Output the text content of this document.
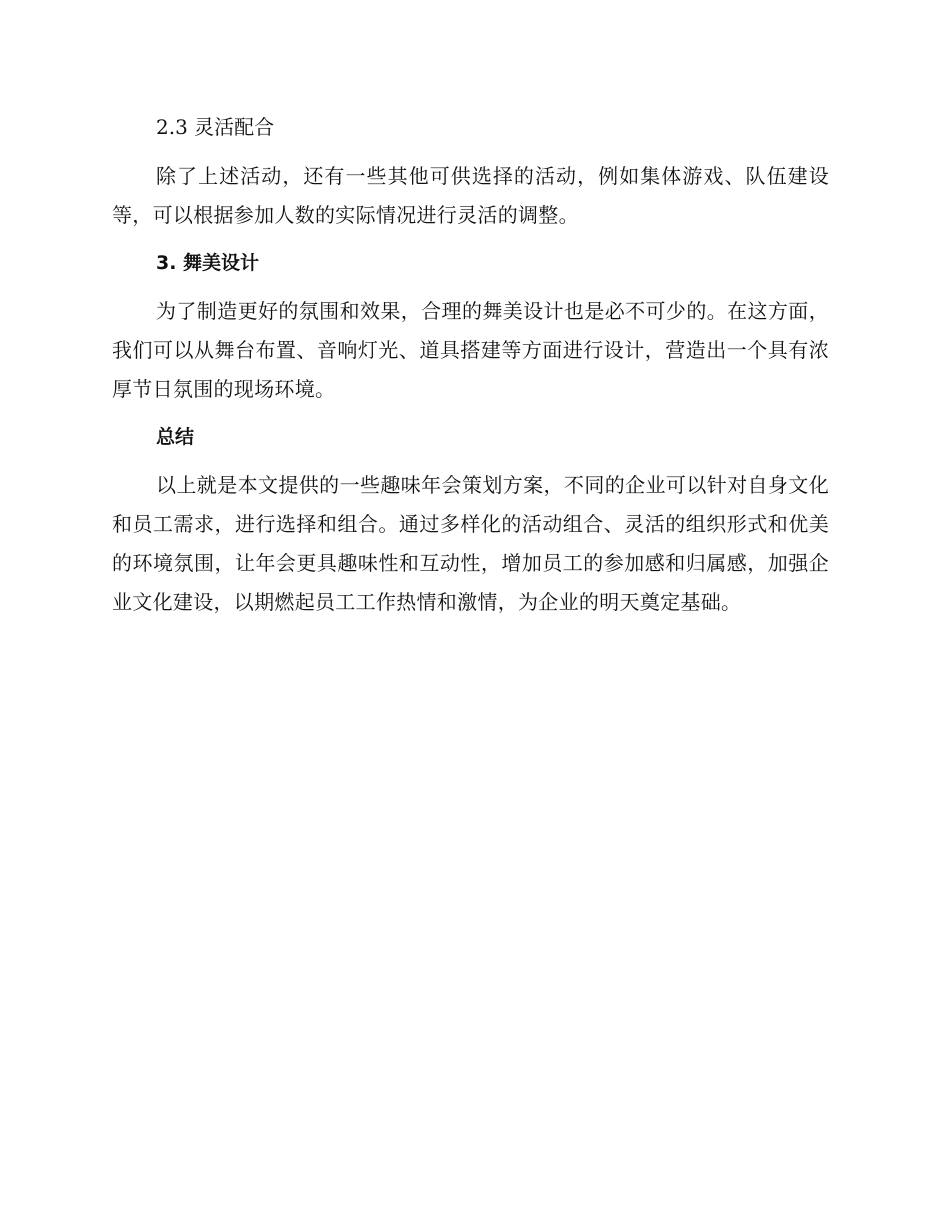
2.3 灵活配合
除了上述活动，还有一些其他可供选择的活动，例如集体游戏、队伍建设等，可以根据参加人数的实际情况进行灵活的调整。
3. 舞美设计
为了制造更好的氛围和效果，合理的舞美设计也是必不可少的。在这方面，我们可以从舞台布置、音响灯光、道具搭建等方面进行设计，营造出一个具有浓厚节日氛围的现场环境。
总结
以上就是本文提供的一些趣味年会策划方案，不同的企业可以针对自身文化和员工需求，进行选择和组合。通过多样化的活动组合、灵活的组织形式和优美的环境氛围，让年会更具趣味性和互动性，增加员工的参加感和归属感，加强企业文化建设，以期燃起员工工作热情和激情，为企业的明天奠定基础。
